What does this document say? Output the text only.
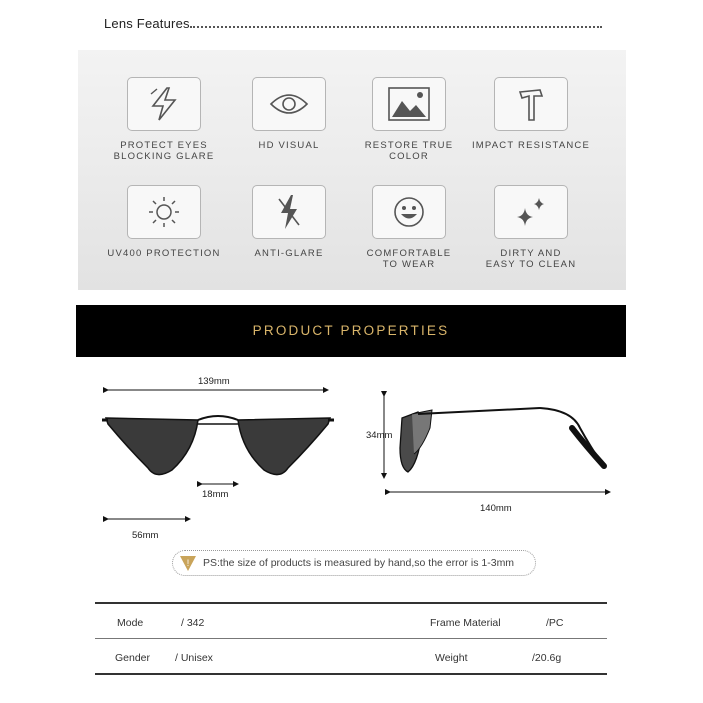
Lens Features
PROTECT EYES
BLOCKING GLARE
HD VISUAL	RESTORE TRUE COLOR
IMPACT RESISTANCE
UV400 PROTECTION	ANTI-GLARE	COMFORTABLE
TO WEAR
DIRTY AND
EASY TO CLEAN
PRODUCT PROPERTIES
139mm
18mm
56mm
34mm
140mm
! PS:the size of products is measured by hand,so the error is 1-3mm
Mode	/ 342	Frame Material	/PC
Gender / Unisex	Weight	/20.6g
